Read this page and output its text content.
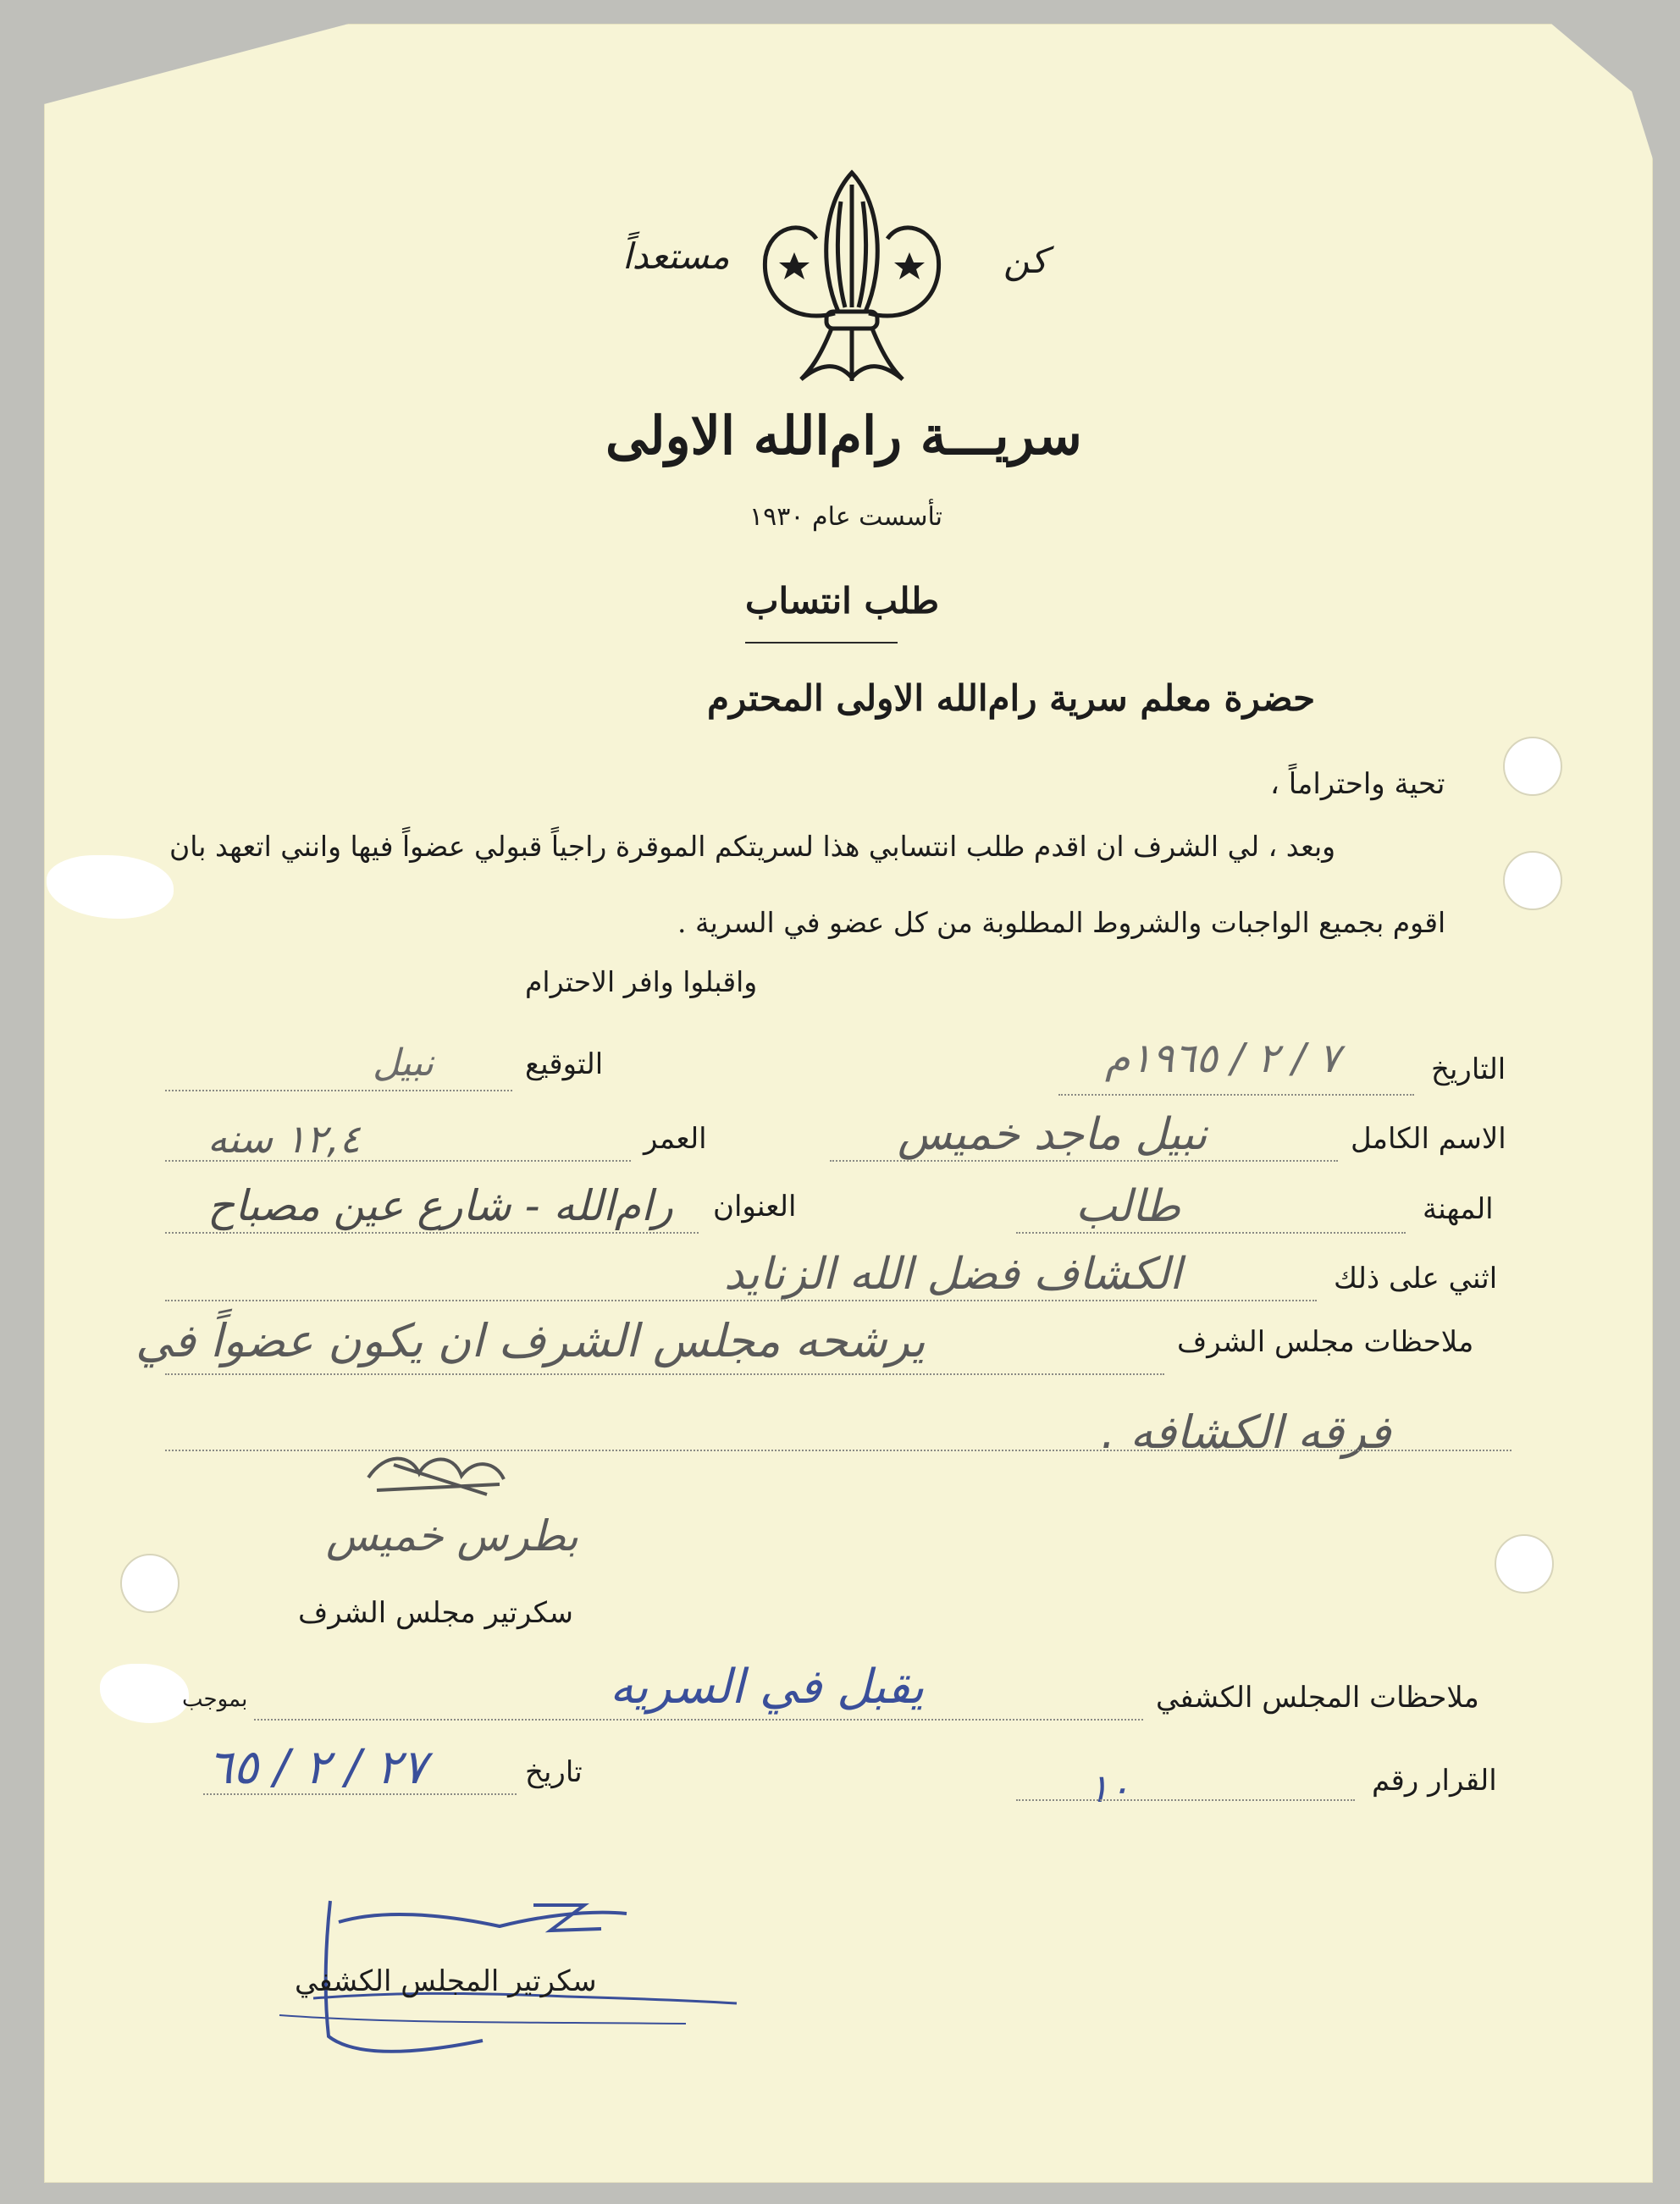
كن
مستعداً
سريـــة رام‌الله الاولى
تأسست عام ١٩٣٠
طلب انتساب
حضرة معلم سرية رام‌الله الاولى المحترم
تحية واحتراماً ،
وبعد ، لي الشرف ان اقدم طلب انتسابي هذا لسريتكم الموقرة راجياً قبولي عضواً فيها وانني اتعهد بان
اقوم بجميع الواجبات والشروط المطلوبة من كل عضو في السرية .
واقبلوا وافر الاحترام
التاريخ
٧ / ٢ / ١٩٦٥م
التوقيع
نبيل
الاسم الكامل
نبيل ماجد خميس
العمر
١٢,٤ سنه
المهنة
طالب
العنوان
رام‌الله - شارع عين مصباح
اثني على ذلك
الكشاف فضل الله الزنايد
ملاحظات مجلس الشرف
يرشحه مجلس الشرف ان يكون عضواً في
فرقه الكشافه .
بطرس خميس
سكرتير مجلس الشرف
ملاحظات المجلس الكشفي
يقبل في السريه
بموجب
القرار رقم
١٠
تاريخ
٢٧ / ٢ / ٦٥
سكرتير المجلس الكشفي
